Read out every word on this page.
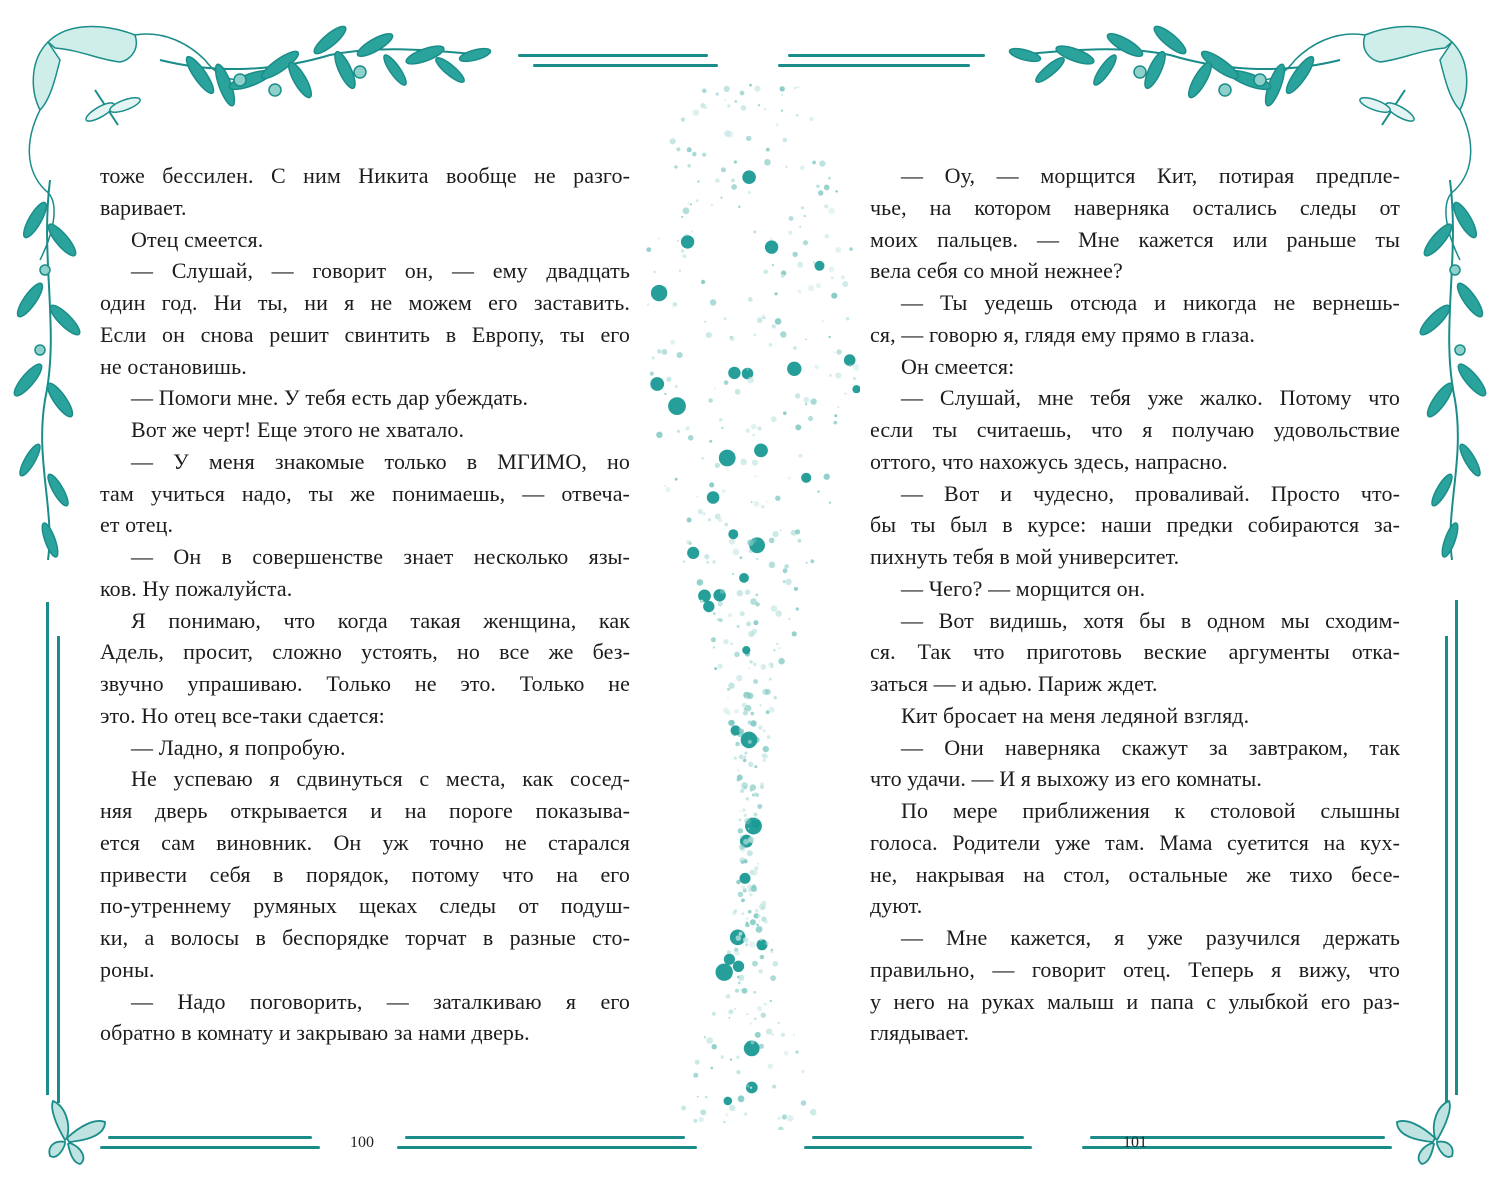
100
тоже бессилен. С ним Никита вообще не разго-
варивает.
Отец смеется.
— Слушай, — говорит он, — ему двадцать
один год. Ни ты, ни я не можем его заставить.
Если он снова решит свинтить в Европу, ты его
не остановишь.
— Помоги мне. У тебя есть дар убеждать.
Вот же черт! Еще этого не хватало.
— У меня знакомые только в МГИМО, но
там учиться надо, ты же понимаешь, — отвеча-
ет отец.
— Он в совершенстве знает несколько язы-
ков. Ну пожалуйста.
Я понимаю, что когда такая женщина, как
Адель, просит, сложно устоять, но все же без-
звучно упрашиваю. Только не это. Только не
это. Но отец все-таки сдается:
— Ладно, я попробую.
Не успеваю я сдвинуться с места, как сосед-
няя дверь открывается и на пороге показыва-
ется сам виновник. Он уж точно не старался
привести себя в порядок, потому что на его
по-утреннему румяных щеках следы от подуш-
ки, а волосы в беспорядке торчат в разные сто-
роны.
— Надо поговорить, — заталкиваю я его
обратно в комнату и закрываю за нами дверь.
101
— Оу, — морщится Кит, потирая предпле-
чье, на котором наверняка остались следы от
моих пальцев. — Мне кажется или раньше ты
вела себя со мной нежнее?
— Ты уедешь отсюда и никогда не вернешь-
ся, — говорю я, глядя ему прямо в глаза.
Он смеется:
— Слушай, мне тебя уже жалко. Потому что
если ты считаешь, что я получаю удовольствие
оттого, что нахожусь здесь, напрасно.
— Вот и чудесно, проваливай. Просто что-
бы ты был в курсе: наши предки собираются за-
пихнуть тебя в мой университет.
— Чего? — морщится он.
— Вот видишь, хотя бы в одном мы сходим-
ся. Так что приготовь веские аргументы отка-
заться — и адью. Париж ждет.
Кит бросает на меня ледяной взгляд.
— Они наверняка скажут за завтраком, так
что удачи. — И я выхожу из его комнаты.
По мере приближения к столовой слышны
голоса. Родители уже там. Мама суетится на кух-
не, накрывая на стол, остальные же тихо бесе-
дуют.
— Мне кажется, я уже разучился держать
правильно, — говорит отец. Теперь я вижу, что
у него на руках малыш и папа с улыбкой его раз-
глядывает.
